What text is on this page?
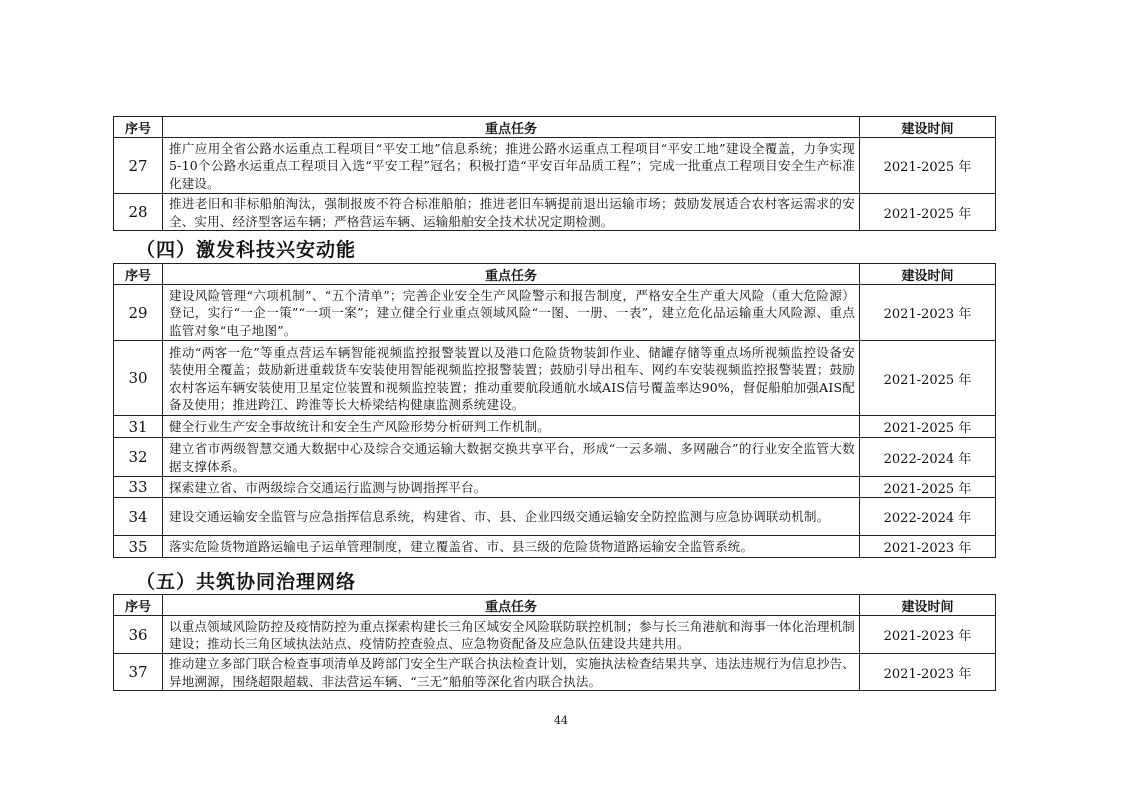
序号	重点任务	建设时间
27	推广应用全省公路水运重点工程项目“平安工地”信息系统；推进公路水运重点工程项目“平安工地”建设全覆盖，力争实现5-10个公路水运重点工程项目入选“平安工程”冠名；积极打造“平安百年品质工程”；完成一批重点工程项目安全生产标准化建设。	2021-2025 年
28	推进老旧和非标船舶淘汰，强制报废不符合标准船舶；推进老旧车辆提前退出运输市场；鼓励发展适合农村客运需求的安全、实用、经济型客运车辆；严格营运车辆、运输船舶安全技术状况定期检测。	2021-2025 年
（四）激发科技兴安动能
序号	重点任务	建设时间
29	建设风险管理“六项机制”、“五个清单”；完善企业安全生产风险警示和报告制度，严格安全生产重大风险（重大危险源）登记，实行“一企一策”“一项一案”；建立健全行业重点领域风险“一图、一册、一表”，建立危化品运输重大风险源、重点监管对象“电子地图”。	2021-2023 年
30	推动“两客一危”等重点营运车辆智能视频监控报警装置以及港口危险货物装卸作业、储罐存储等重点场所视频监控设备安装使用全覆盖；鼓励新进重载货车安装使用智能视频监控报警装置；鼓励引导出租车、网约车安装视频监控报警装置；鼓励农村客运车辆安装使用卫星定位装置和视频监控装置；推动重要航段通航水域AIS信号覆盖率达90%，督促船舶加强AIS配备及使用；推进跨江、跨淮等长大桥梁结构健康监测系统建设。	2021-2025 年
31	健全行业生产安全事故统计和安全生产风险形势分析研判工作机制。	2021-2025 年
32	建立省市两级智慧交通大数据中心及综合交通运输大数据交换共享平台，形成“一云多端、多网融合”的行业安全监管大数据支撑体系。	2022-2024 年
33	探索建立省、市两级综合交通运行监测与协调指挥平台。	2021-2025 年
34	建设交通运输安全监管与应急指挥信息系统，构建省、市、县、企业四级交通运输安全防控监测与应急协调联动机制。	2022-2024 年
35	落实危险货物道路运输电子运单管理制度，建立覆盖省、市、县三级的危险货物道路运输安全监管系统。	2021-2023 年
（五）共筑协同治理网络
序号	重点任务	建设时间
36	以重点领域风险防控及疫情防控为重点探索构建长三角区域安全风险联防联控机制；参与长三角港航和海事一体化治理机制建设；推动长三角区域执法站点、疫情防控查验点、应急物资配备及应急队伍建设共建共用。	2021-2023 年
37	推动建立多部门联合检查事项清单及跨部门安全生产联合执法检查计划，实施执法检查结果共享、违法违规行为信息抄告、异地溯源，围绕超限超载、非法营运车辆、“三无”船舶等深化省内联合执法。	2021-2023 年
44
